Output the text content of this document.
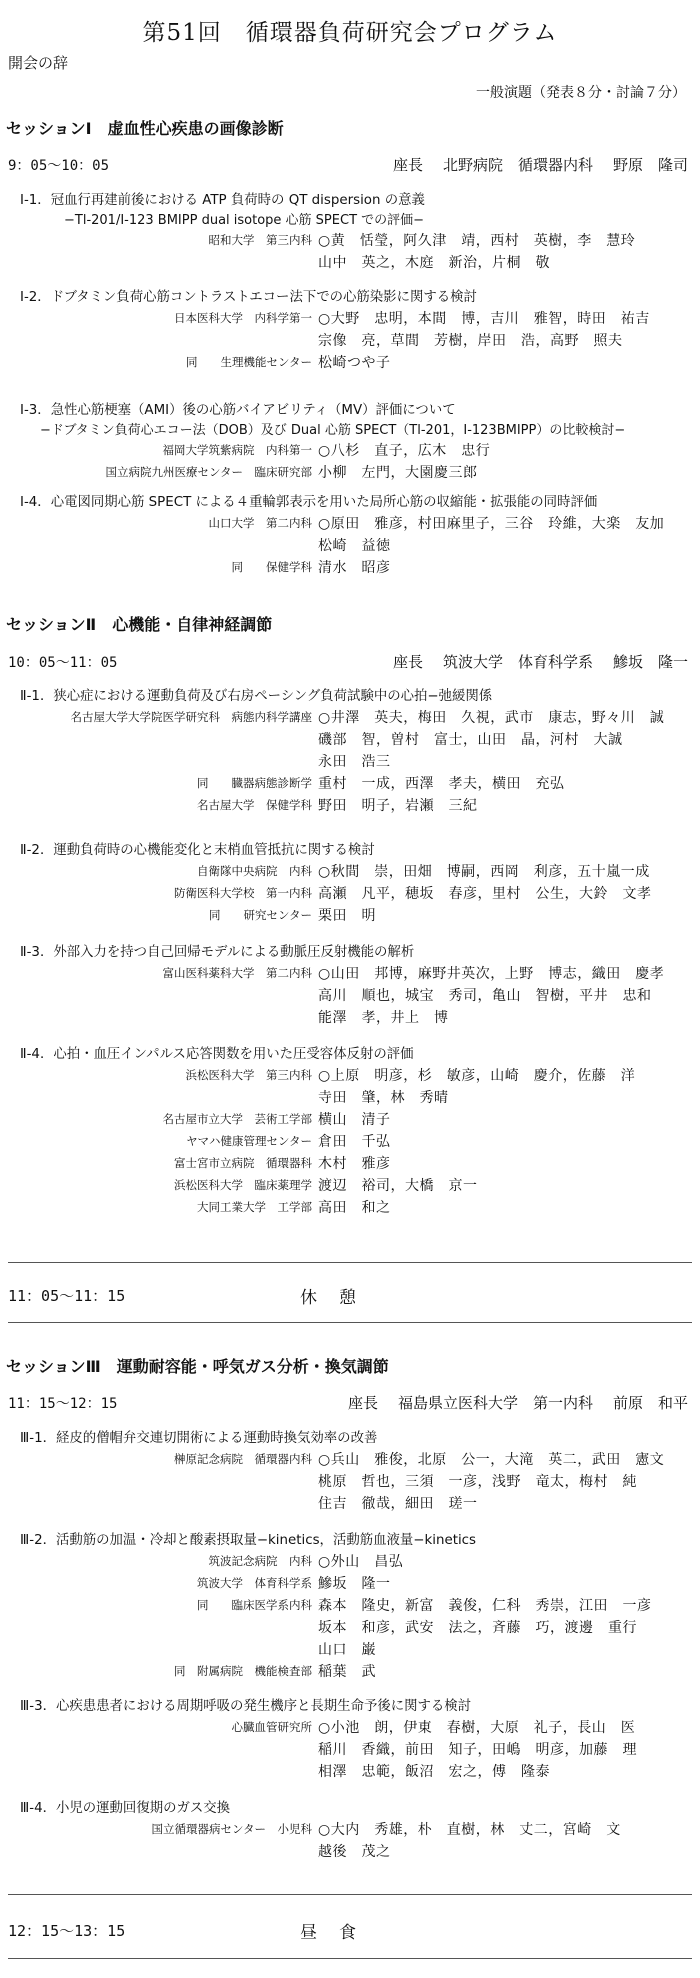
第51回　循環器負荷研究会プログラム
開会の辞
一般演題（発表８分・討論７分）
セッションⅠ　虚血性心疾患の画像診断
9：05〜10：05	座長 北野病院　循環器内科 野原　隆司
Ⅰ-1．冠血行再建前後における ATP 負荷時の QT dispersion の意義
−Tl-201/I-123 BMIPP dual isotope 心筋 SPECT での評価−
昭和大学　第三内科 ○黄　恬瑩，阿久津　靖，西村　英樹，李　慧玲
山中　英之，木庭　新治，片桐　敬
Ⅰ-2．ドブタミン負荷心筋コントラストエコー法下での心筋染影に関する検討
日本医科大学　内科学第一 ○大野　忠明，本間　博，吉川　雅智，時田　祐吉
宗像　亮，草間　芳樹，岸田　浩，高野　照夫
同　　生理機能センター 松崎つや子
Ⅰ-3．急性心筋梗塞（AMI）後の心筋バイアビリティ（MV）評価について
−ドブタミン負荷心エコー法（DOB）及び Dual 心筋 SPECT（Tl-201，I-123BMIPP）の比較検討−
福岡大学筑紫病院　内科第一 ○八杉　直子，広木　忠行
国立病院九州医療センター　臨床研究部 小柳　左門，大園慶三郎
Ⅰ-4．心電図同期心筋 SPECT による４重輪郭表示を用いた局所心筋の収縮能・拡張能の同時評価
山口大学　第二内科 ○原田　雅彦，村田麻里子，三谷　玲維，大楽　友加
松崎　益徳
同　　保健学科 清水　昭彦
セッションⅡ　心機能・自律神経調節
10：05〜11：05	座長 筑波大学　体育科学系 鰺坂　隆一
Ⅱ-1．狭心症における運動負荷及び右房ペーシング負荷試験中の心拍−弛緩関係
名古屋大学大学院医学研究科　病態内科学講座 ○井澤　英夫，梅田　久視，武市　康志，野々川　誠
磯部　智，曽村　富士，山田　晶，河村　大誠
永田　浩三
同　　臓器病態診断学 重村　一成，西澤　孝夫，横田　充弘
名古屋大学　保健学科 野田　明子，岩瀬　三紀
Ⅱ-2．運動負荷時の心機能変化と末梢血管抵抗に関する検討
自衛隊中央病院　内科 ○秋間　崇，田畑　博嗣，西岡　利彦，五十嵐一成
防衛医科大学校　第一内科 高瀬　凡平，穂坂　春彦，里村　公生，大鈴　文孝
同　　研究センター 栗田　明
Ⅱ-3．外部入力を持つ自己回帰モデルによる動脈圧反射機能の解析
富山医科薬科大学　第二内科 ○山田　邦博，麻野井英次，上野　博志，織田　慶孝
高川　順也，城宝　秀司，亀山　智樹，平井　忠和
能澤　孝，井上　博
Ⅱ-4．心拍・血圧インパルス応答関数を用いた圧受容体反射の評価
浜松医科大学　第三内科 ○上原　明彦，杉　敏彦，山崎　慶介，佐藤　洋
寺田　肇，林　秀晴
名古屋市立大学　芸術工学部 横山　清子
ヤマハ健康管理センター 倉田　千弘
富士宮市立病院　循環器科 木村　雅彦
浜松医科大学　臨床薬理学 渡辺　裕司，大橋　京一
大同工業大学　工学部 高田　和之
11：05〜11：15	休憩
セッションⅢ　運動耐容能・呼気ガス分析・換気調節
11：15〜12：15	座長 福島県立医科大学　第一内科 前原　和平
Ⅲ-1．経皮的僧帽弁交連切開術による運動時換気効率の改善
榊原記念病院　循環器内科 ○兵山　雅俊，北原　公一，大滝　英二，武田　憲文
桃原　哲也，三須　一彦，浅野　竜太，梅村　純
住吉　徹哉，細田　瑳一
Ⅲ-2．活動筋の加温・冷却と酸素摂取量−kinetics，活動筋血液量−kinetics
筑波記念病院　内科 ○外山　昌弘
筑波大学　体育科学系 鰺坂　隆一
同　　臨床医学系内科 森本　隆史，新富　義俊，仁科　秀崇，江田　一彦
坂本　和彦，武安　法之，斉藤　巧，渡邊　重行
山口　巌
同　附属病院　機能検査部 稲葉　武
Ⅲ-3．心疾患患者における周期呼吸の発生機序と長期生命予後に関する検討
心臓血管研究所 ○小池　朗，伊東　春樹，大原　礼子，長山　医
稲川　香織，前田　知子，田嶋　明彦，加藤　理
相澤　忠範，飯沼　宏之，傅　隆泰
Ⅲ-4．小児の運動回復期のガス交換
国立循環器病センター　小児科 ○大内　秀雄，朴　直樹，林　丈二，宮崎　文
越後　茂之
12：15〜13：15	昼食
